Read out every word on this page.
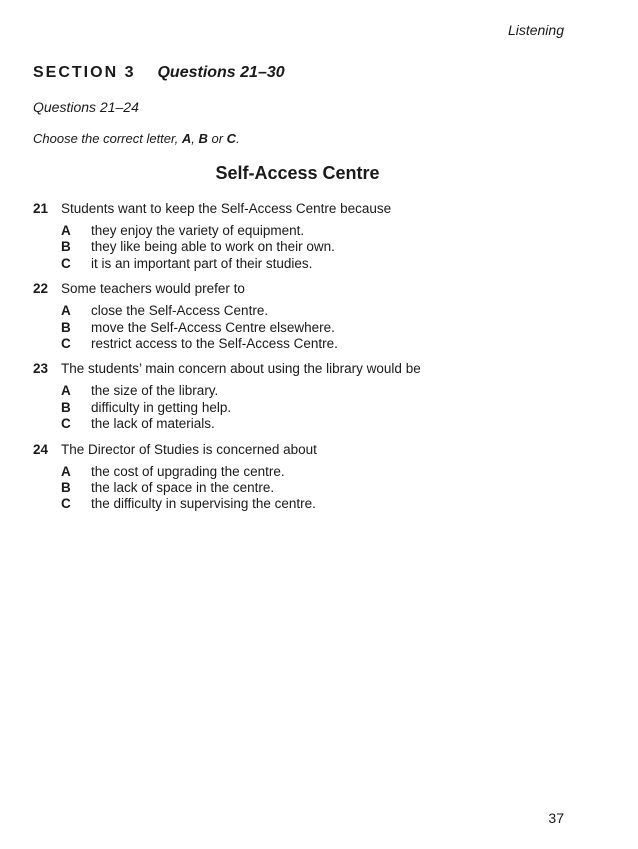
Listening
SECTION 3 Questions 21–30
Questions 21–24
Choose the correct letter, A, B or C.
Self-Access Centre
21 Students want to keep the Self-Access Centre because
A	they enjoy the variety of equipment.
B	they like being able to work on their own.
C	it is an important part of their studies.
22 Some teachers would prefer to
A	close the Self-Access Centre.
B	move the Self-Access Centre elsewhere.
C	restrict access to the Self-Access Centre.
23 The students’ main concern about using the library would be
A	the size of the library.
B	difficulty in getting help.
C	the lack of materials.
24 The Director of Studies is concerned about
A	the cost of upgrading the centre.
B	the lack of space in the centre.
C	the difficulty in supervising the centre.
37
